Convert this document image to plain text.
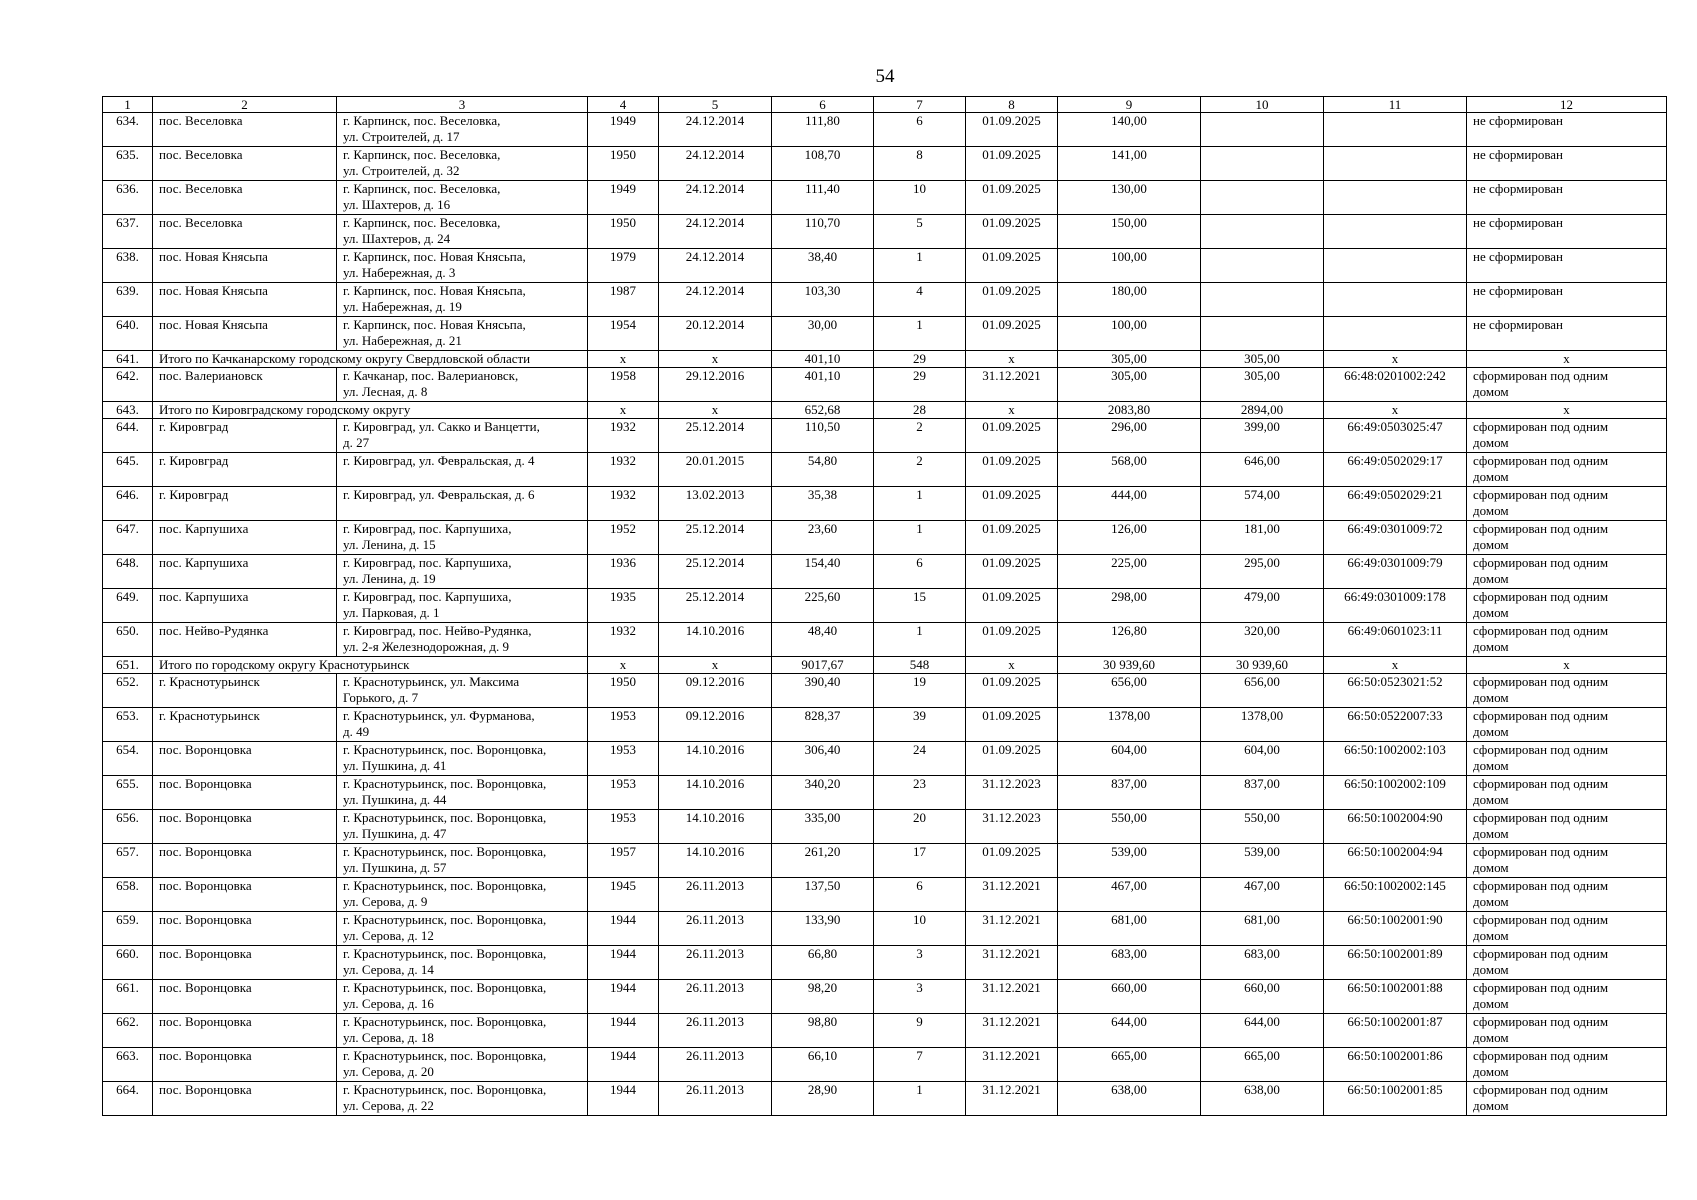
54
1	2	3	4	5	6	7	8	9	10	11	12
634.	пос. Веселовка	г. Карпинск, пос. Веселовка,
ул. Строителей, д. 17	1949	24.12.2014	111,80	6	01.09.2025	140,00			не сформирован
635.	пос. Веселовка	г. Карпинск, пос. Веселовка,
ул. Строителей, д. 32	1950	24.12.2014	108,70	8	01.09.2025	141,00			не сформирован
636.	пос. Веселовка	г. Карпинск, пос. Веселовка,
ул. Шахтеров, д. 16	1949	24.12.2014	111,40	10	01.09.2025	130,00			не сформирован
637.	пос. Веселовка	г. Карпинск, пос. Веселовка,
ул. Шахтеров, д. 24	1950	24.12.2014	110,70	5	01.09.2025	150,00			не сформирован
638.	пос. Новая Княсьпа	г. Карпинск, пос. Новая Княсьпа,
ул. Набережная, д. 3	1979	24.12.2014	38,40	1	01.09.2025	100,00			не сформирован
639.	пос. Новая Княсьпа	г. Карпинск, пос. Новая Княсьпа,
ул. Набережная, д. 19	1987	24.12.2014	103,30	4	01.09.2025	180,00			не сформирован
640.	пос. Новая Княсьпа	г. Карпинск, пос. Новая Княсьпа,
ул. Набережная, д. 21	1954	20.12.2014	30,00	1	01.09.2025	100,00			не сформирован
641.	Итого по Качканарскому городскому округу Свердловской области		x	x	401,10	29	x	305,00	305,00	x	x
642.	пос. Валериановск	г. Качканар, пос. Валериановск,
ул. Лесная, д. 8	1958	29.12.2016	401,10	29	31.12.2021	305,00	305,00	66:48:0201002:242	сформирован под одним
домом
643.	Итого по Кировградскому городскому округу		x	x	652,68	28	x	2083,80	2894,00	x	x
644.	г. Кировград	г. Кировград, ул. Сакко и Ванцетти,
д. 27	1932	25.12.2014	110,50	2	01.09.2025	296,00	399,00	66:49:0503025:47	сформирован под одним
домом
645.	г. Кировград	г. Кировград, ул. Февральская, д. 4	1932	20.01.2015	54,80	2	01.09.2025	568,00	646,00	66:49:0502029:17	сформирован под одним
домом
646.	г. Кировград	г. Кировград, ул. Февральская, д. 6	1932	13.02.2013	35,38	1	01.09.2025	444,00	574,00	66:49:0502029:21	сформирован под одним
домом
647.	пос. Карпушиха	г. Кировград, пос. Карпушиха,
ул. Ленина, д. 15	1952	25.12.2014	23,60	1	01.09.2025	126,00	181,00	66:49:0301009:72	сформирован под одним
домом
648.	пос. Карпушиха	г. Кировград, пос. Карпушиха,
ул. Ленина, д. 19	1936	25.12.2014	154,40	6	01.09.2025	225,00	295,00	66:49:0301009:79	сформирован под одним
домом
649.	пос. Карпушиха	г. Кировград, пос. Карпушиха,
ул. Парковая, д. 1	1935	25.12.2014	225,60	15	01.09.2025	298,00	479,00	66:49:0301009:178	сформирован под одним
домом
650.	пос. Нейво-Рудянка	г. Кировград, пос. Нейво-Рудянка,
ул. 2-я Железнодорожная, д. 9	1932	14.10.2016	48,40	1	01.09.2025	126,80	320,00	66:49:0601023:11	сформирован под одним
домом
651.	Итого по городскому округу Краснотурьинск		x	x	9017,67	548	x	30 939,60	30 939,60	x	x
652.	г. Краснотурьинск	г. Краснотурьинск, ул. Максима
Горького, д. 7	1950	09.12.2016	390,40	19	01.09.2025	656,00	656,00	66:50:0523021:52	сформирован под одним
домом
653.	г. Краснотурьинск	г. Краснотурьинск, ул. Фурманова,
д. 49	1953	09.12.2016	828,37	39	01.09.2025	1378,00	1378,00	66:50:0522007:33	сформирован под одним
домом
654.	пос. Воронцовка	г. Краснотурьинск, пос. Воронцовка,
ул. Пушкина, д. 41	1953	14.10.2016	306,40	24	01.09.2025	604,00	604,00	66:50:1002002:103	сформирован под одним
домом
655.	пос. Воронцовка	г. Краснотурьинск, пос. Воронцовка,
ул. Пушкина, д. 44	1953	14.10.2016	340,20	23	31.12.2023	837,00	837,00	66:50:1002002:109	сформирован под одним
домом
656.	пос. Воронцовка	г. Краснотурьинск, пос. Воронцовка,
ул. Пушкина, д. 47	1953	14.10.2016	335,00	20	31.12.2023	550,00	550,00	66:50:1002004:90	сформирован под одним
домом
657.	пос. Воронцовка	г. Краснотурьинск, пос. Воронцовка,
ул. Пушкина, д. 57	1957	14.10.2016	261,20	17	01.09.2025	539,00	539,00	66:50:1002004:94	сформирован под одним
домом
658.	пос. Воронцовка	г. Краснотурьинск, пос. Воронцовка,
ул. Серова, д. 9	1945	26.11.2013	137,50	6	31.12.2021	467,00	467,00	66:50:1002002:145	сформирован под одним
домом
659.	пос. Воронцовка	г. Краснотурьинск, пос. Воронцовка,
ул. Серова, д. 12	1944	26.11.2013	133,90	10	31.12.2021	681,00	681,00	66:50:1002001:90	сформирован под одним
домом
660.	пос. Воронцовка	г. Краснотурьинск, пос. Воронцовка,
ул. Серова, д. 14	1944	26.11.2013	66,80	3	31.12.2021	683,00	683,00	66:50:1002001:89	сформирован под одним
домом
661.	пос. Воронцовка	г. Краснотурьинск, пос. Воронцовка,
ул. Серова, д. 16	1944	26.11.2013	98,20	3	31.12.2021	660,00	660,00	66:50:1002001:88	сформирован под одним
домом
662.	пос. Воронцовка	г. Краснотурьинск, пос. Воронцовка,
ул. Серова, д. 18	1944	26.11.2013	98,80	9	31.12.2021	644,00	644,00	66:50:1002001:87	сформирован под одним
домом
663.	пос. Воронцовка	г. Краснотурьинск, пос. Воронцовка,
ул. Серова, д. 20	1944	26.11.2013	66,10	7	31.12.2021	665,00	665,00	66:50:1002001:86	сформирован под одним
домом
664.	пос. Воронцовка	г. Краснотурьинск, пос. Воронцовка,
ул. Серова, д. 22	1944	26.11.2013	28,90	1	31.12.2021	638,00	638,00	66:50:1002001:85	сформирован под одним
домом
